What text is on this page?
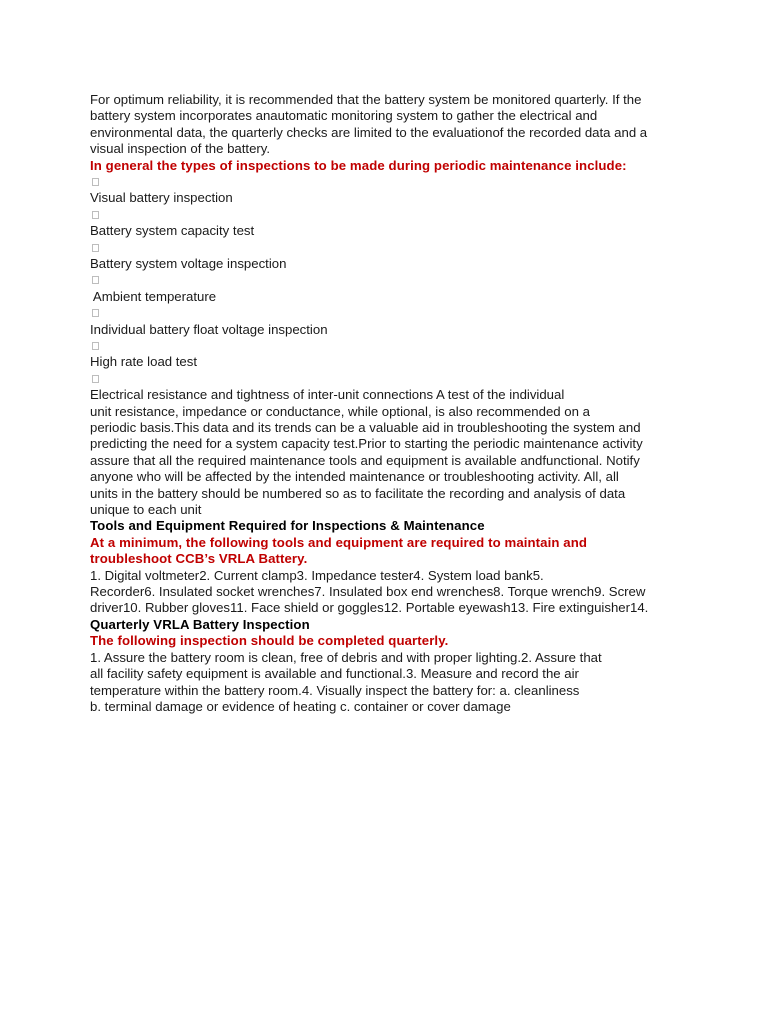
For optimum reliability, it is recommended that the battery system be monitored quarterly. If the
battery system incorporates anautomatic monitoring system to gather the electrical and
environmental data, the quarterly checks are limited to the evaluationof the recorded data and a
visual inspection of the battery.
In general the types of inspections to be made during periodic maintenance include:
Visual battery inspection
Battery system capacity test
Battery system voltage inspection
Ambient temperature
Individual battery float voltage inspection
High rate load test
Electrical resistance and tightness of inter-unit connections A test of the individual
unit resistance, impedance or conductance, while optional, is also recommended on a
periodic basis.This data and its trends can be a valuable aid in troubleshooting the system and
predicting the need for a system capacity test.Prior to starting the periodic maintenance activity
assure that all the required maintenance tools and equipment is available andfunctional. Notify
anyone who will be affected by the intended maintenance or troubleshooting activity. All, all
units in the battery should be numbered so as to facilitate the recording and analysis of data
unique to each unit
Tools and Equipment Required for Inspections & Maintenance
At a minimum, the following tools and equipment are required to maintain and
troubleshoot CCB’s VRLA Battery.
1. Digital voltmeter2. Current clamp3. Impedance tester4. System load bank5.
Recorder6. Insulated socket wrenches7. Insulated box end wrenches8. Torque wrench9. Screw
driver10. Rubber gloves11. Face shield or goggles12. Portable eyewash13. Fire extinguisher14.
Quarterly VRLA Battery Inspection
The following inspection should be completed quarterly.
1. Assure the battery room is clean, free of debris and with proper lighting.2. Assure that
all facility safety equipment is available and functional.3. Measure and record the air
temperature within the battery room.4. Visually inspect the battery for: a. cleanliness
b. terminal damage or evidence of heating c. container or cover damage
